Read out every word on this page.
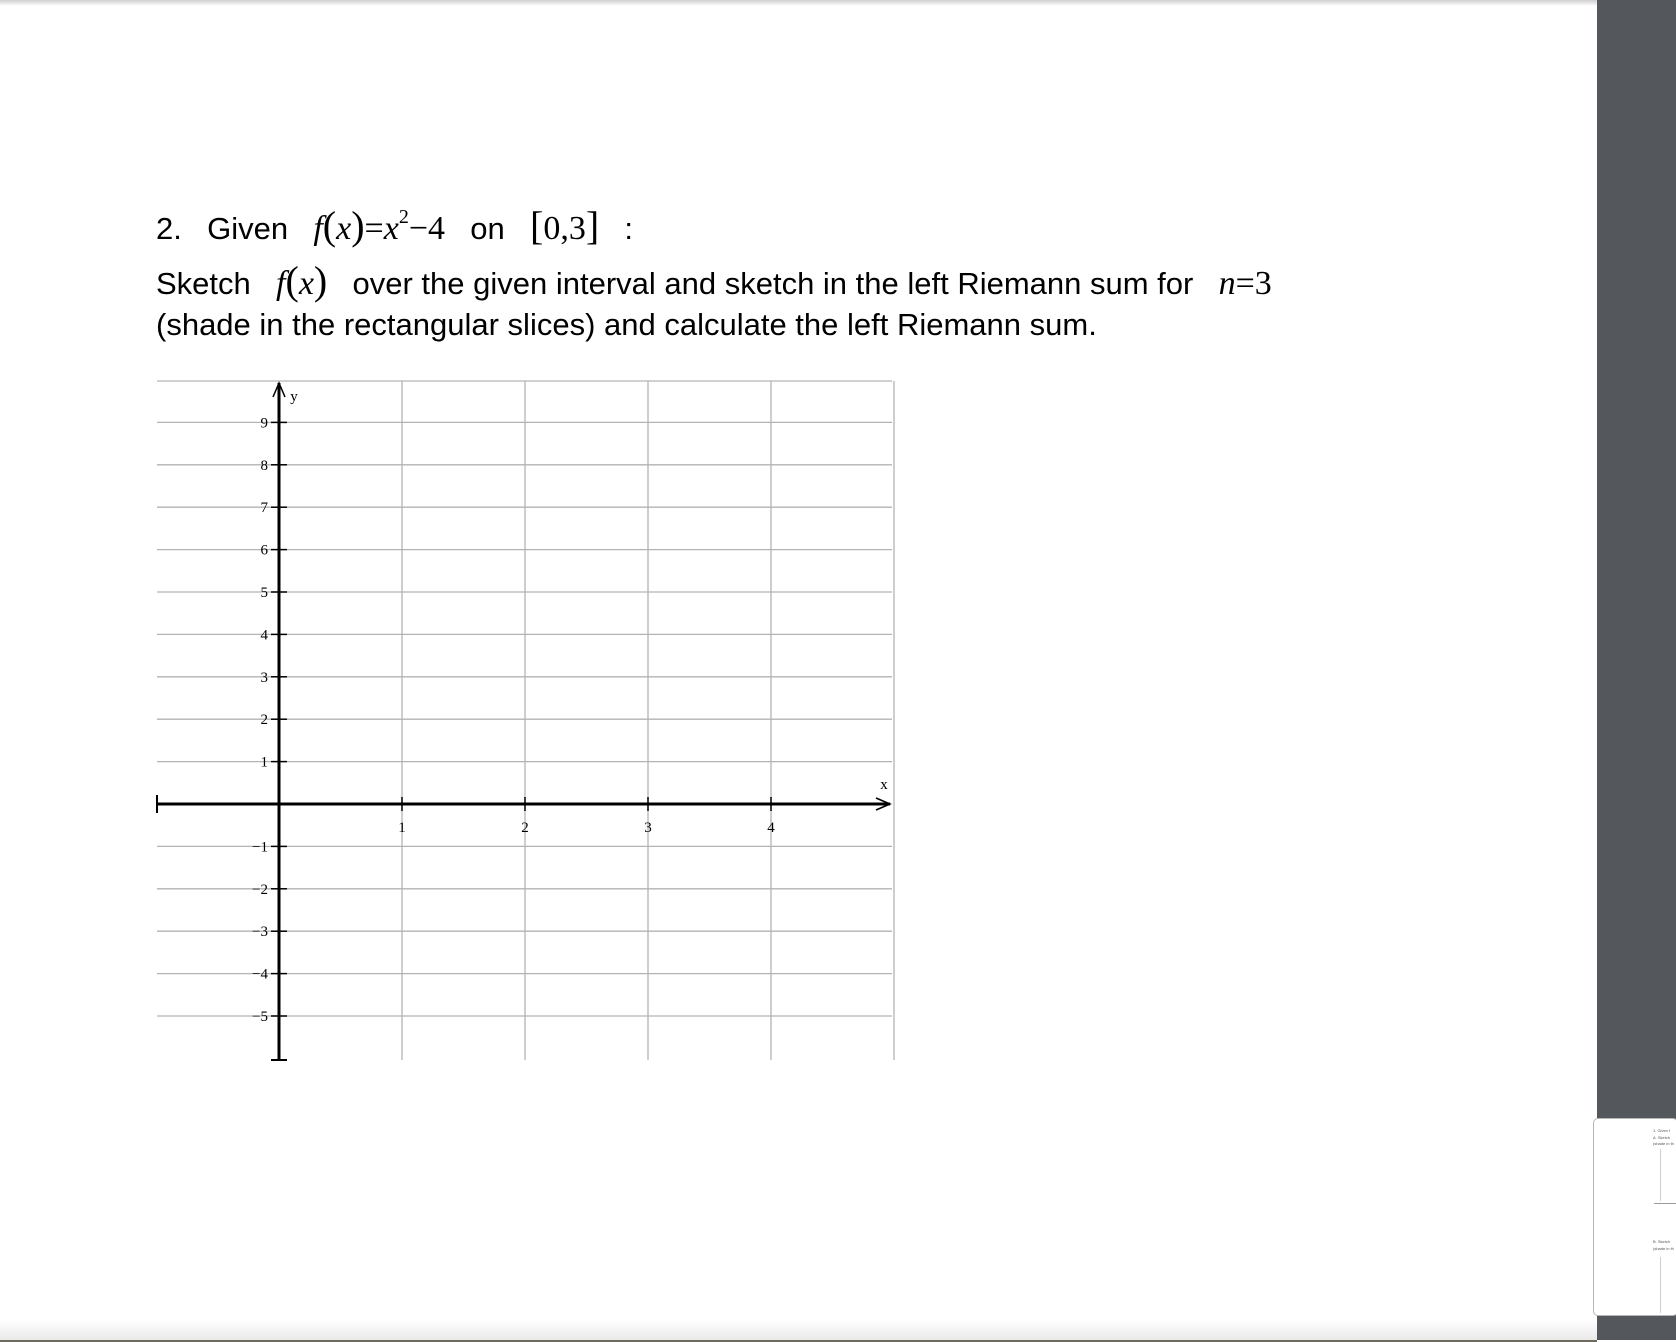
2. Given $f(x)=x^2-4$ on [0,3] :
Sketch f(x) over the given interval and sketch in the left Riemann sum for n=3
(shade in the rectangular slices) and calculate the left Riemann sum.
1	2	3	4
1
2
3
4
5
6
7
8
9
−1
−2
−3
−4
−5
x
y
1. Given f
A. Sketch
(shade in th
B. Sketch
(shade in th
